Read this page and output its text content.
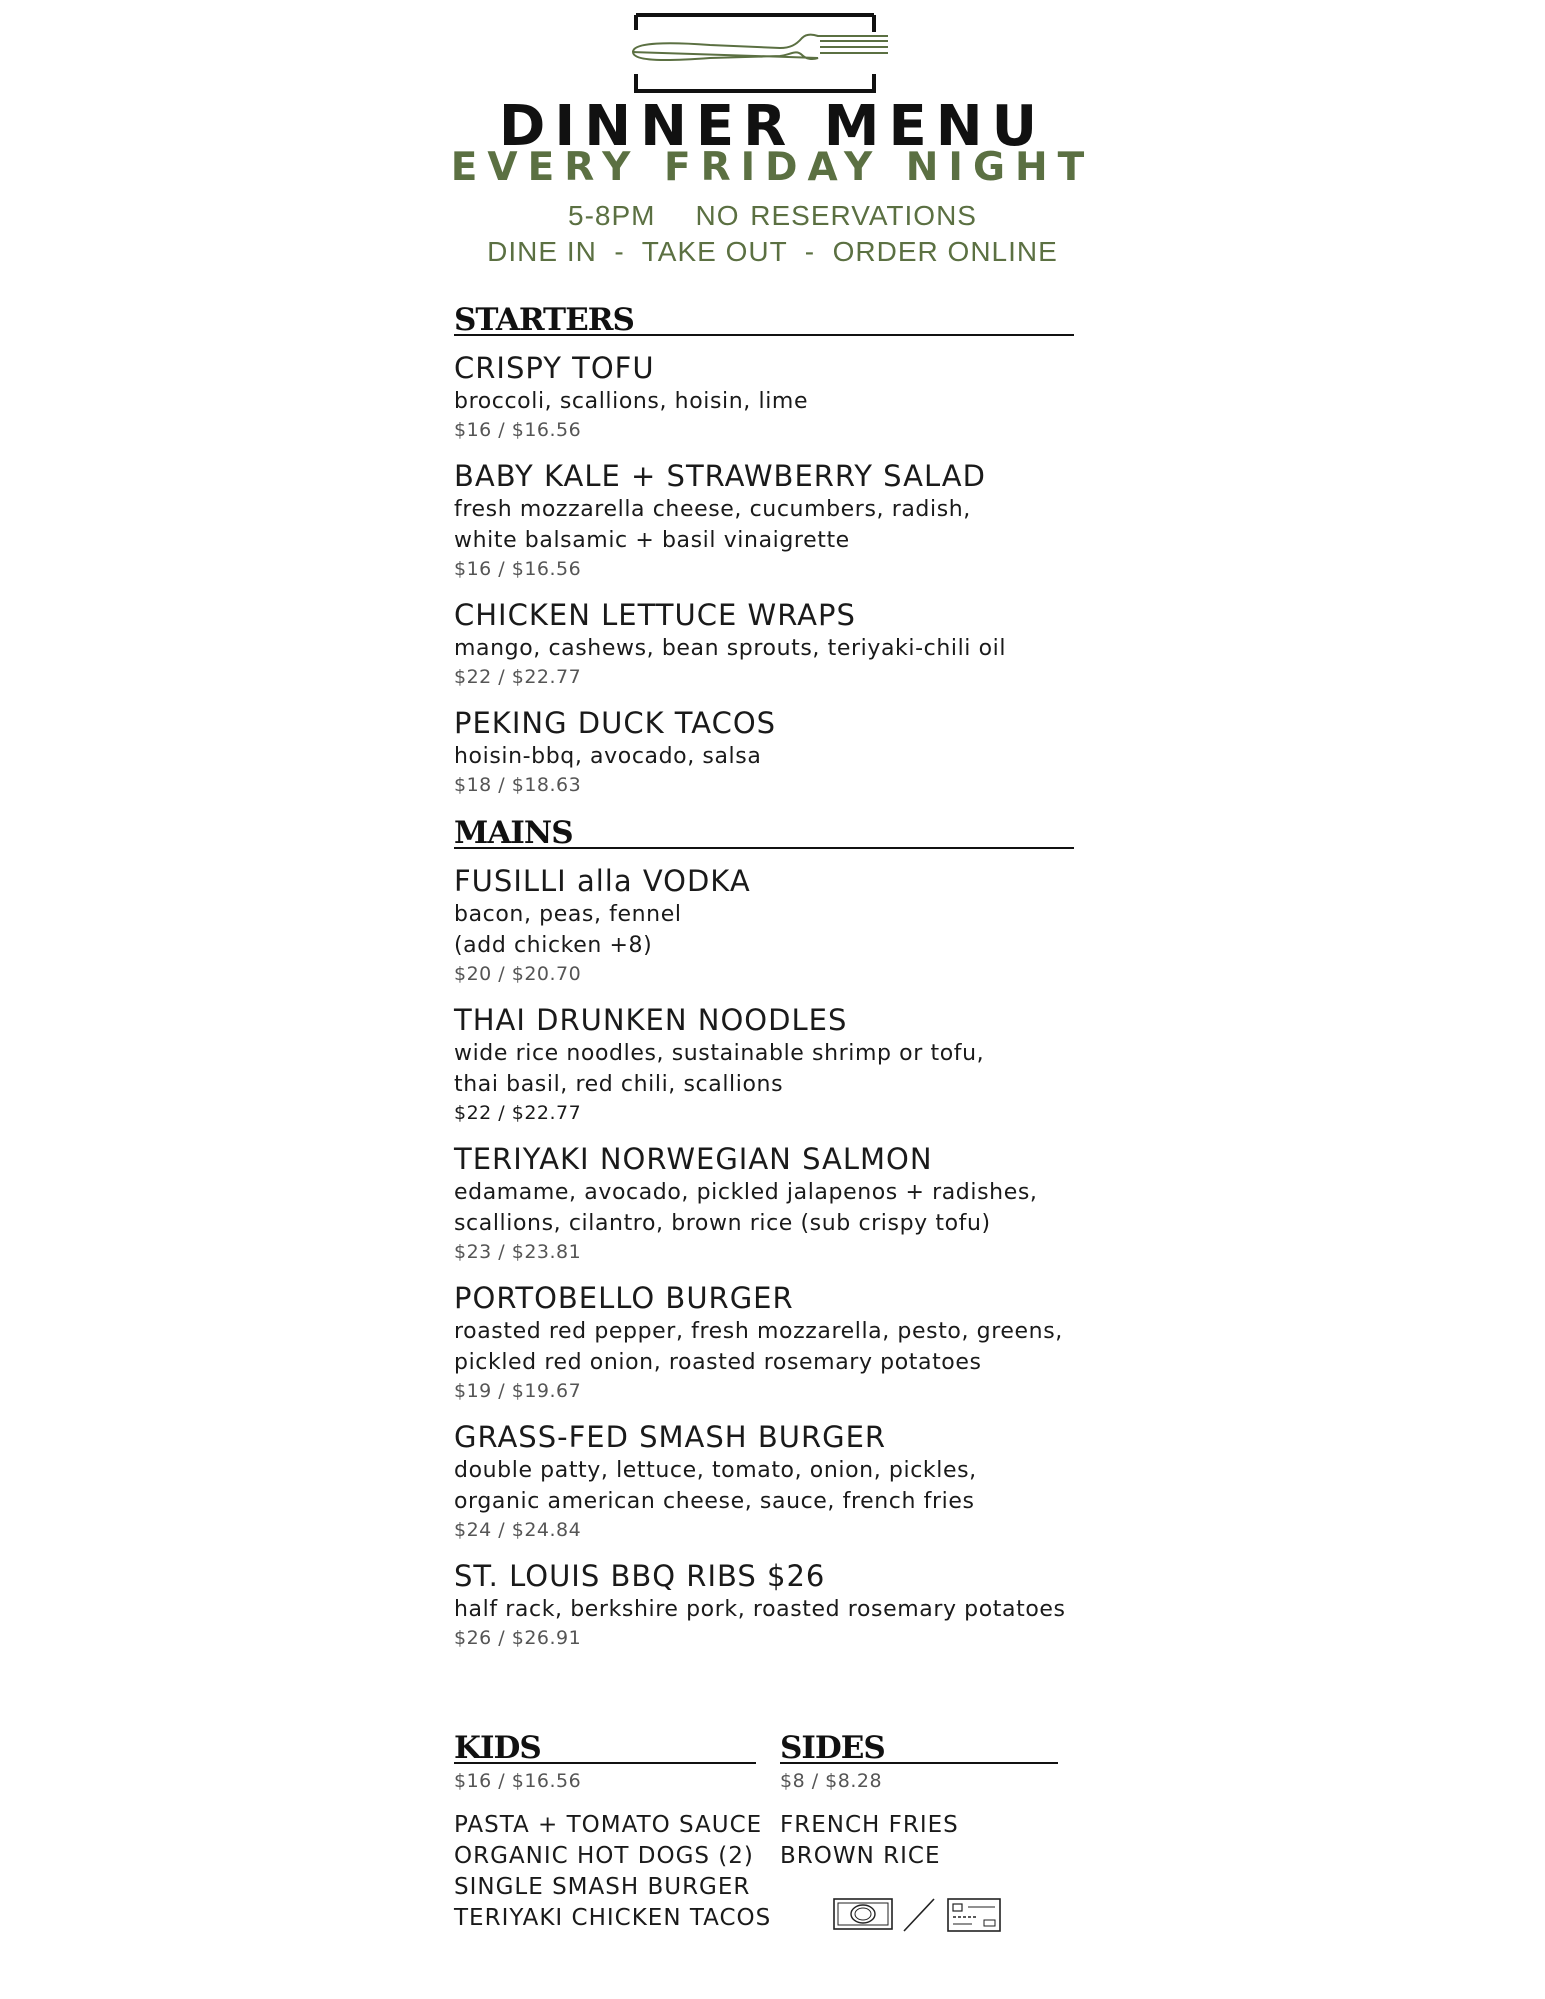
DINNER MENU
EVERY FRIDAY NIGHT
5-8PM NO RESERVATIONS
DINE IN  -  TAKE OUT  -  ORDER ONLINE
STARTERS
CRISPY TOFU
broccoli, scallions, hoisin, lime
$16 / $16.56
BABY KALE + STRAWBERRY SALAD
fresh mozzarella cheese, cucumbers, radish,
white balsamic + basil vinaigrette
$16 / $16.56
CHICKEN LETTUCE WRAPS
mango, cashews, bean sprouts, teriyaki-chili oil
$22 / $22.77
PEKING DUCK TACOS
hoisin-bbq, avocado, salsa
$18 / $18.63
MAINS
FUSILLI alla VODKA
bacon, peas, fennel
(add chicken +8)
$20 / $20.70
THAI DRUNKEN NOODLES
wide rice noodles, sustainable shrimp or tofu,
thai basil, red chili, scallions
$22 / $22.77
TERIYAKI NORWEGIAN SALMON
edamame, avocado, pickled jalapenos + radishes,
scallions, cilantro, brown rice (sub crispy tofu)
$23 / $23.81
PORTOBELLO BURGER
roasted red pepper, fresh mozzarella, pesto, greens,
pickled red onion, roasted rosemary potatoes
$19 / $19.67
GRASS-FED SMASH BURGER
double patty, lettuce, tomato, onion, pickles,
organic american cheese, sauce, french fries
$24 / $24.84
ST. LOUIS BBQ RIBS $26
half rack, berkshire pork, roasted rosemary potatoes
$26 / $26.91
KIDS
$16 / $16.56
PASTA + TOMATO SAUCE
ORGANIC HOT DOGS (2)
SINGLE SMASH BURGER
TERIYAKI CHICKEN TACOS
SIDES
$8 / $8.28
FRENCH FRIES
BROWN RICE
